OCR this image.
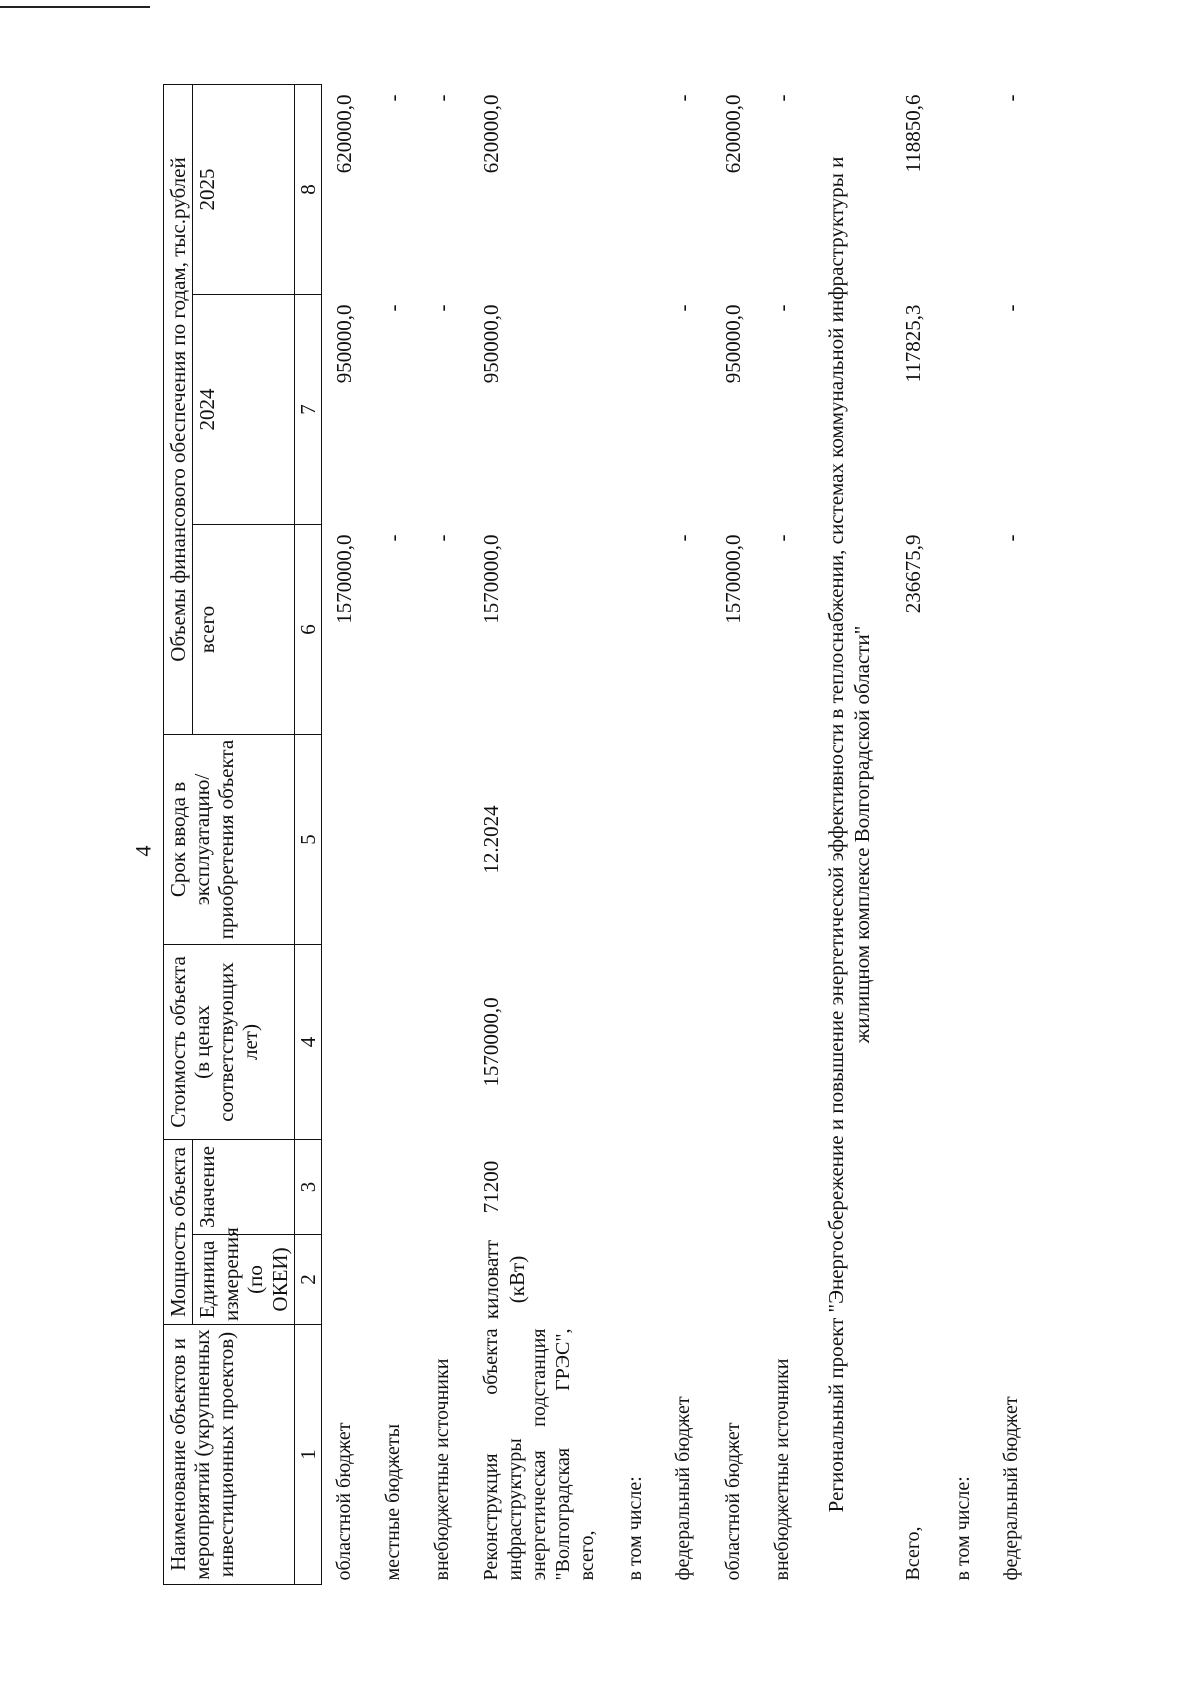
4
Наименование объектов и мероприятий (укрупненных инвестиционных проектов)	Мощность объекта		Стоимость объекта (в ценах соответствующих лет)	Срок ввода в эксплуатацию/ приобретения объекта	Объемы финансового обеспечения по годам, тыс.рублей		
	Единица измерения (по ОКЕИ)	Значение			всего	2024	2025
1	2	3	4	5	6	7	8
областной бюджет					1570000,0	950000,0	620000,0
местные бюджеты					-	-	-
внебюджетные источники					-	-	-
Реконструкция объекта инфраструктуры энергетическая подстанция "Волгоградская ГРЭС", всего,	киловатт (кВт)	71200	1570000,0	12.2024	1570000,0	950000,0	620000,0
в том числе:							
федеральный бюджет					-	-	-
областной бюджет					1570000,0	950000,0	620000,0
внебюджетные источники					-	-	-
Региональный проект "Энергосбережение и повышение энергетической эффективности в теплоснабжении, системах коммунальной инфраструктуры и жилищном комплексе Волгоградской области"							
Всего,					236675,9	117825,3	118850,6
в том числе:							
федеральный бюджет					-	-	-
